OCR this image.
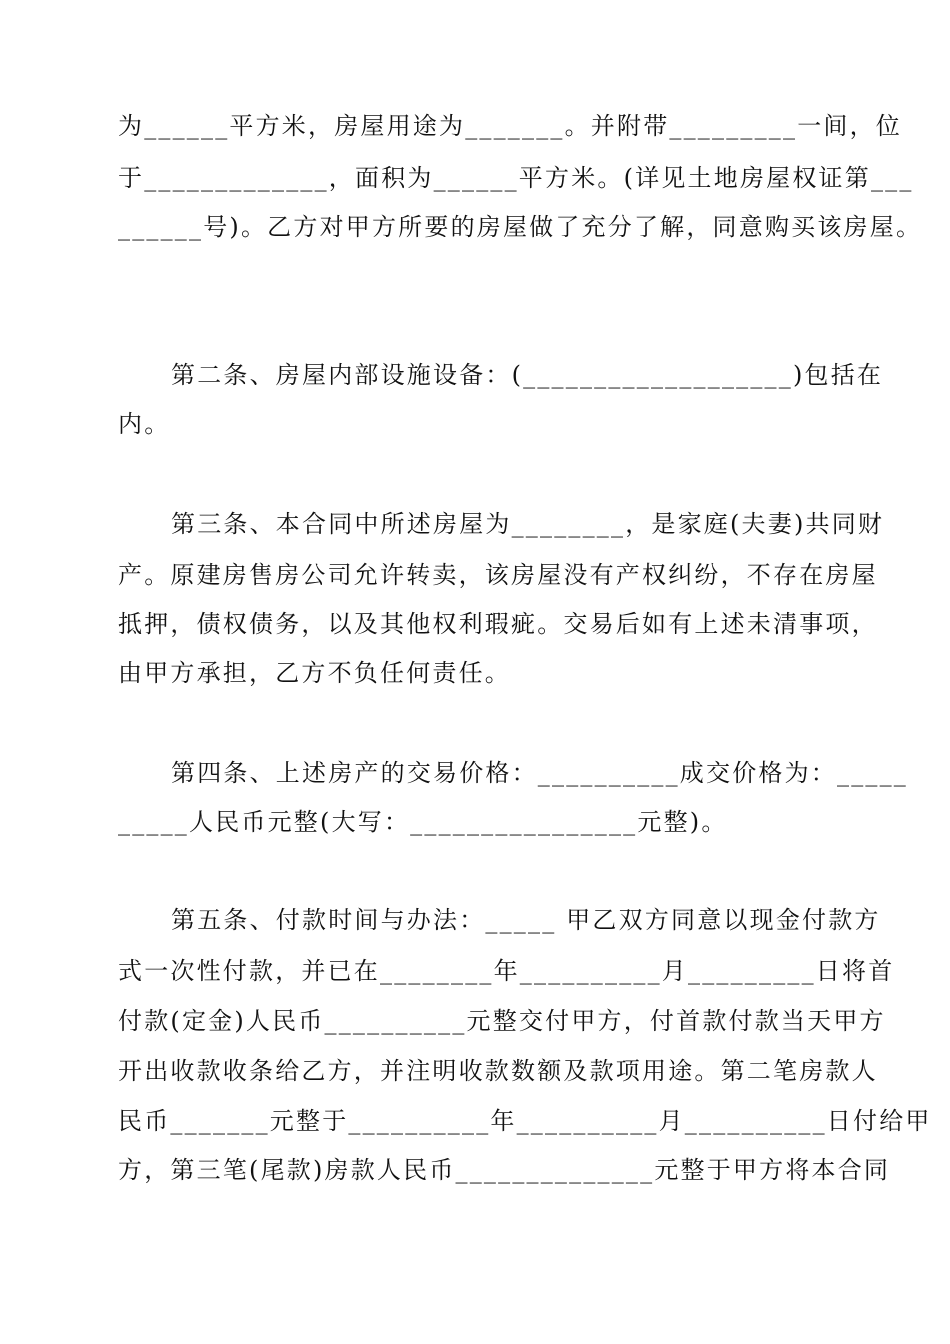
为______平方米，房屋用途为_______。并附带_________一间，位
于_____________，面积为______平方米。(详见土地房屋权证第___
______号)。乙方对甲方所要的房屋做了充分了解，同意购买该房屋。
第二条、房屋内部设施设备：(___________________)包括在
内。
第三条、本合同中所述房屋为________，是家庭(夫妻)共同财
产。原建房售房公司允许转卖，该房屋没有产权纠纷，不存在房屋
抵押，债权债务，以及其他权利瑕疵。交易后如有上述未清事项，
由甲方承担，乙方不负任何责任。
第四条、上述房产的交易价格：__________成交价格为：_____
_____人民币元整(大写：________________元整)。
第五条、付款时间与办法：_____ 甲乙双方同意以现金付款方
式一次性付款，并已在________年__________月_________日将首
付款(定金)人民币__________元整交付甲方，付首款付款当天甲方
开出收款收条给乙方，并注明收款数额及款项用途。第二笔房款人
民币_______元整于__________年__________月__________日付给甲
方，第三笔(尾款)房款人民币______________元整于甲方将本合同
